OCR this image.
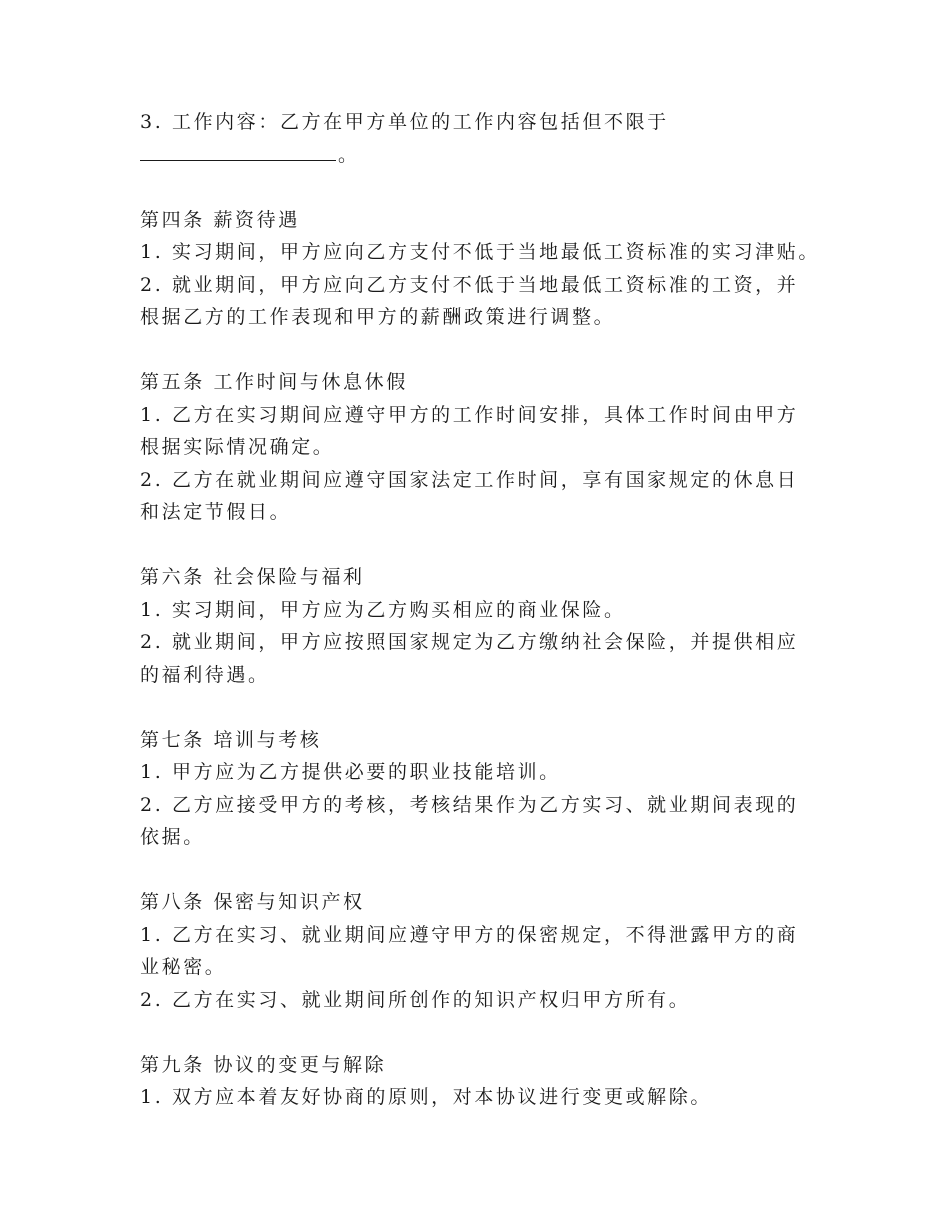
3. 工作内容：乙方在甲方单位的工作内容包括但不限于
。
第四条 薪资待遇
1. 实习期间，甲方应向乙方支付不低于当地最低工资标准的实习津贴。
2. 就业期间，甲方应向乙方支付不低于当地最低工资标准的工资，并
根据乙方的工作表现和甲方的薪酬政策进行调整。
第五条 工作时间与休息休假
1. 乙方在实习期间应遵守甲方的工作时间安排，具体工作时间由甲方
根据实际情况确定。
2. 乙方在就业期间应遵守国家法定工作时间，享有国家规定的休息日
和法定节假日。
第六条 社会保险与福利
1. 实习期间，甲方应为乙方购买相应的商业保险。
2. 就业期间，甲方应按照国家规定为乙方缴纳社会保险，并提供相应
的福利待遇。
第七条 培训与考核
1. 甲方应为乙方提供必要的职业技能培训。
2. 乙方应接受甲方的考核，考核结果作为乙方实习、就业期间表现的
依据。
第八条 保密与知识产权
1. 乙方在实习、就业期间应遵守甲方的保密规定，不得泄露甲方的商
业秘密。
2. 乙方在实习、就业期间所创作的知识产权归甲方所有。
第九条 协议的变更与解除
1. 双方应本着友好协商的原则，对本协议进行变更或解除。
